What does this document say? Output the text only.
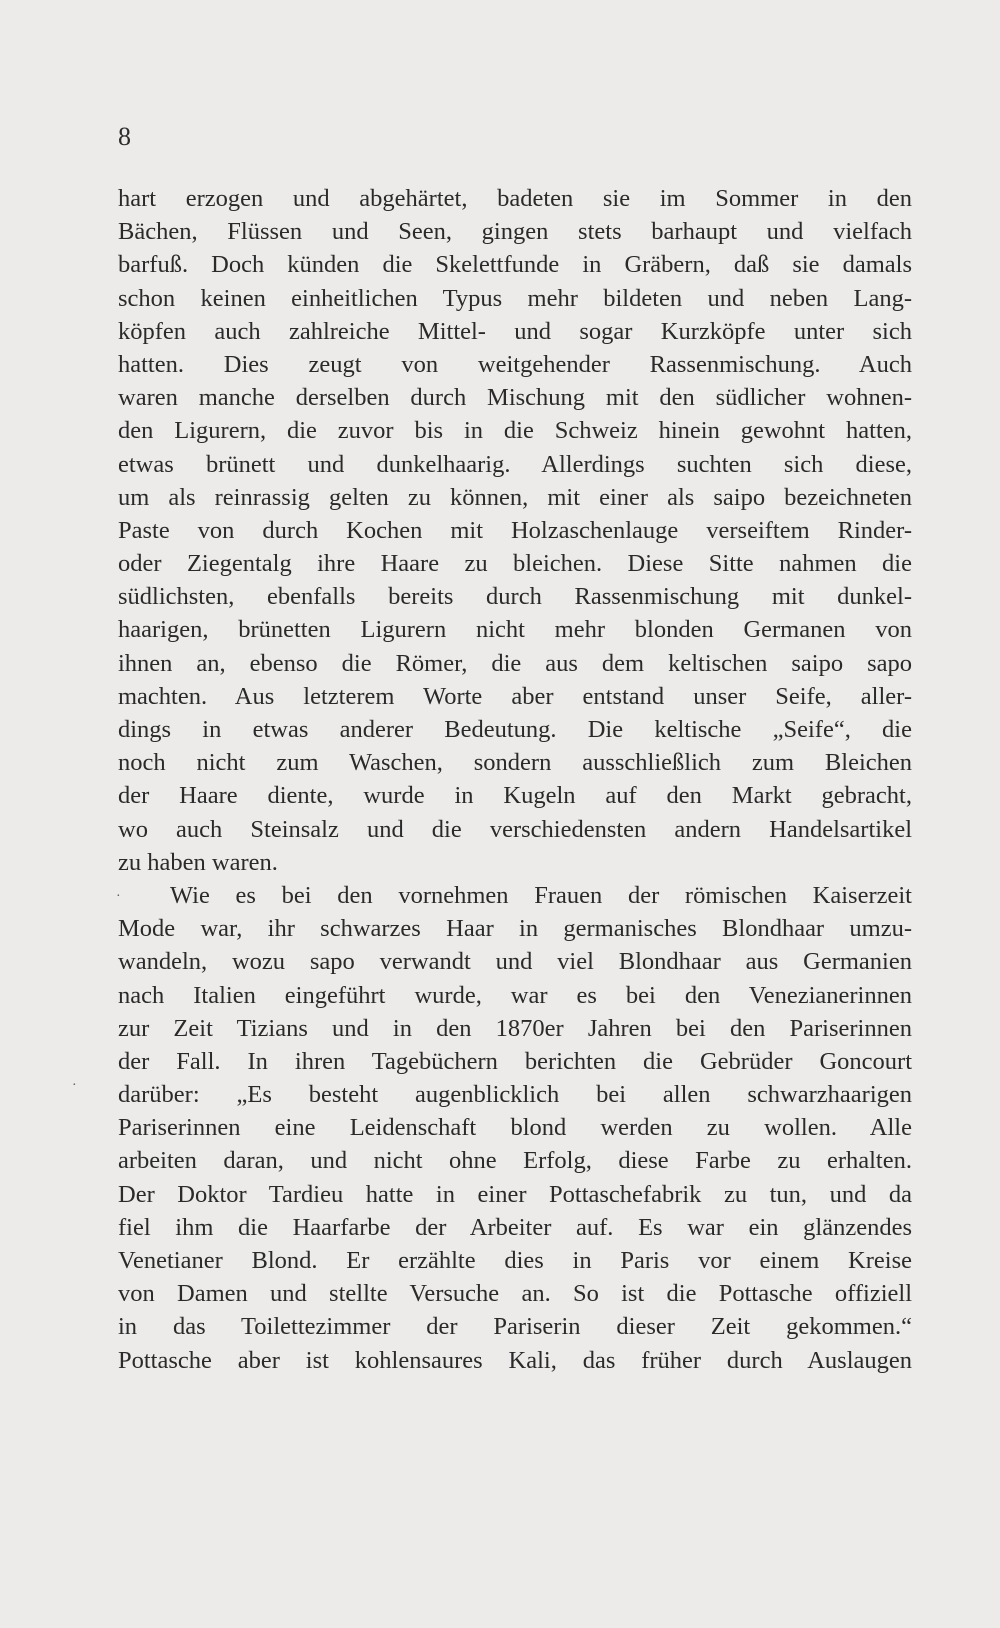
8
hart erzogen und abgehärtet, badeten sie im Sommer in den
Bächen, Flüssen und Seen, gingen stets barhaupt und vielfach
barfuß. Doch künden die Skelettfunde in Gräbern, daß sie damals
schon keinen einheitlichen Typus mehr bildeten und neben Lang-
köpfen auch zahlreiche Mittel- und sogar Kurzköpfe unter sich
hatten. Dies zeugt von weitgehender Rassenmischung. Auch
waren manche derselben durch Mischung mit den südlicher wohnen-
den Ligurern, die zuvor bis in die Schweiz hinein gewohnt hatten,
etwas brünett und dunkelhaarig. Allerdings suchten sich diese,
um als reinrassig gelten zu können, mit einer als saipo bezeichneten
Paste von durch Kochen mit Holzaschenlauge verseiftem Rinder-
oder Ziegentalg ihre Haare zu bleichen. Diese Sitte nahmen die
südlichsten, ebenfalls bereits durch Rassenmischung mit dunkel-
haarigen, brünetten Ligurern nicht mehr blonden Germanen von
ihnen an, ebenso die Römer, die aus dem keltischen saipo sapo
machten. Aus letzterem Worte aber entstand unser Seife, aller-
dings in etwas anderer Bedeutung. Die keltische „Seife“, die
noch nicht zum Waschen, sondern ausschließlich zum Bleichen
der Haare diente, wurde in Kugeln auf den Markt gebracht,
wo auch Steinsalz und die verschiedensten andern Handelsartikel
zu haben waren.
Wie es bei den vornehmen Frauen der römischen Kaiserzeit
Mode war, ihr schwarzes Haar in germanisches Blondhaar umzu-
wandeln, wozu sapo verwandt und viel Blondhaar aus Germanien
nach Italien eingeführt wurde, war es bei den Venezianerinnen
zur Zeit Tizians und in den 1870er Jahren bei den Pariserinnen
der Fall. In ihren Tagebüchern berichten die Gebrüder Goncourt
darüber: „Es besteht augenblicklich bei allen schwarzhaarigen
Pariserinnen eine Leidenschaft blond werden zu wollen. Alle
arbeiten daran, und nicht ohne Erfolg, diese Farbe zu erhalten.
Der Doktor Tardieu hatte in einer Pottaschefabrik zu tun, und da
fiel ihm die Haarfarbe der Arbeiter auf. Es war ein glänzendes
Venetianer Blond. Er erzählte dies in Paris vor einem Kreise
von Damen und stellte Versuche an. So ist die Pottasche offiziell
in das Toilettezimmer der Pariserin dieser Zeit gekommen.“
Pottasche aber ist kohlensaures Kali, das früher durch Auslaugen
·
·
